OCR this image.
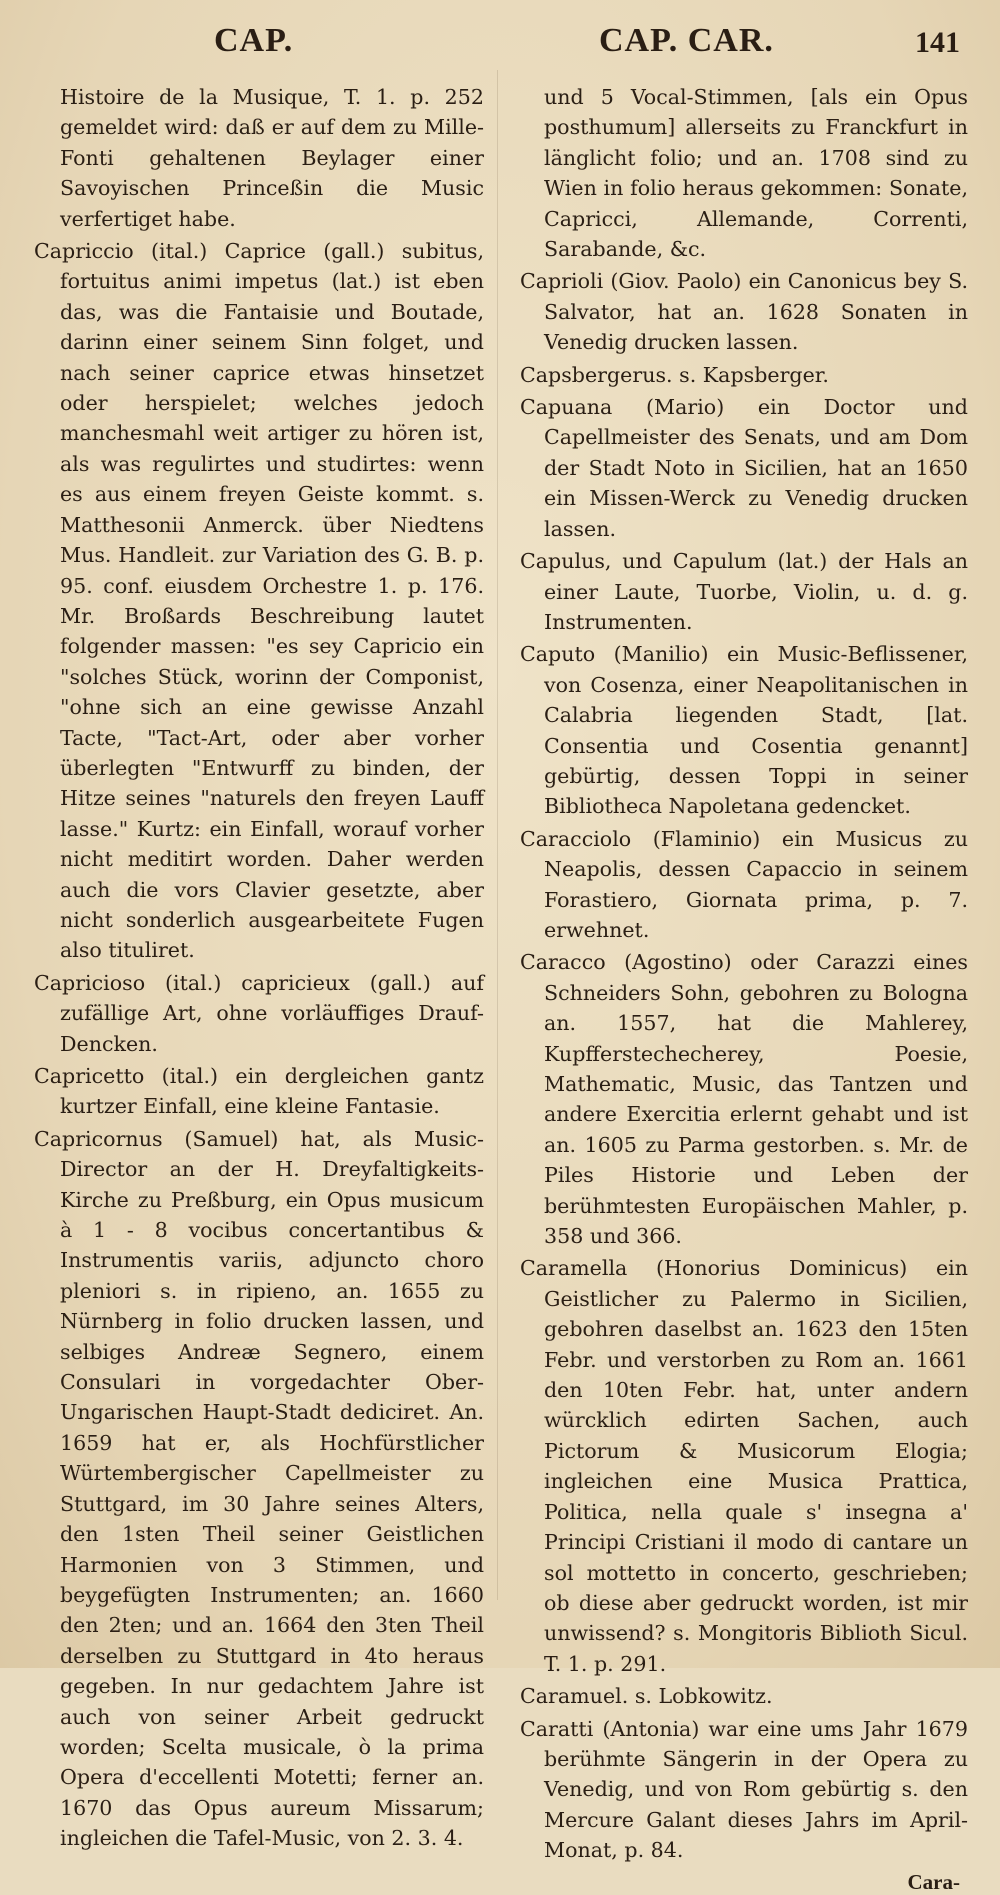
CAP.	CAP. CAR.	141

Histoire de la Musique, T. 1. p. 252 gemeldet wird: daß er auf dem zu Mille-Fonti gehaltenen Beylager einer Savoyischen Princeßin die Music verfertiget habe.

Capriccio (ital.) Caprice (gall.) subitus, fortuitus animi impetus (lat.) ist eben das, was die Fantaisie und Boutade, darinn einer seinem Sinn folget, und nach seiner caprice etwas hinsetzet oder herspielet; welches jedoch manchesmahl weit artiger zu hören ist, als was regulirtes und studirtes: wenn es aus einem freyen Geiste kommt. s. Matthesonii Anmerck. über Niedtens Mus. Handleit. zur Variation des G. B. p. 95. conf. eiusdem Orchestre 1. p. 176. Mr. Broßards Beschreibung lautet folgender massen: "es sey Capricio ein "solches Stück, worinn der Componist, "ohne sich an eine gewisse Anzahl Tacte, "Tact-Art, oder aber vorher überlegten "Entwurff zu binden, der Hitze seines "naturels den freyen Lauff lasse." Kurtz: ein Einfall, worauf vorher nicht meditirt worden. Daher werden auch die vors Clavier gesetzte, aber nicht sonderlich ausgearbeitete Fugen also tituliret.

Capricioso (ital.) capricieux (gall.) auf zufällige Art, ohne vorläuffiges Drauf-Dencken.

Capricetto (ital.) ein dergleichen gantz kurtzer Einfall, eine kleine Fantasie.

Capricornus (Samuel) hat, als Music-Director an der H. Dreyfaltigkeits-Kirche zu Preßburg, ein Opus musicum à 1 - 8 vocibus concertantibus & Instrumentis variis, adjuncto choro pleniori s. in ripieno, an. 1655 zu Nürnberg in folio drucken lassen, und selbiges Andreæ Segnero, einem Consulari in vorgedachter Ober-Ungarischen Haupt-Stadt dediciret. An. 1659 hat er, als Hochfürstlicher Würtembergischer Capellmeister zu Stuttgard, im 30 Jahre seines Alters, den 1sten Theil seiner Geistlichen Harmonien von 3 Stimmen, und beygefügten Instrumenten; an. 1660 den 2ten; und an. 1664 den 3ten Theil derselben zu Stuttgard in 4to heraus gegeben. In nur gedachtem Jahre ist auch von seiner Arbeit gedruckt worden; Scelta musicale, ò la prima Opera d'eccellenti Motetti; ferner an. 1670 das Opus aureum Missarum; ingleichen die Tafel-Music, von 2. 3. 4.

und 5 Vocal-Stimmen, [als ein Opus posthumum] allerseits zu Franckfurt in länglicht folio; und an. 1708 sind zu Wien in folio heraus gekommen: Sonate, Capricci, Allemande, Correnti, Sarabande, &c.

Caprioli (Giov. Paolo) ein Canonicus bey S. Salvator, hat an. 1628 Sonaten in Venedig drucken lassen.

Capsbergerus. s. Kapsberger.

Capuana (Mario) ein Doctor und Capellmeister des Senats, und am Dom der Stadt Noto in Sicilien, hat an 1650 ein Missen-Werck zu Venedig drucken lassen.

Capulus, und Capulum (lat.) der Hals an einer Laute, Tuorbe, Violin, u. d. g. Instrumenten.

Caputo (Manilio) ein Music-Beflissener, von Cosenza, einer Neapolitanischen in Calabria liegenden Stadt, [lat. Consentia und Cosentia genannt] gebürtig, dessen Toppi in seiner Bibliotheca Napoletana gedencket.

Caracciolo (Flaminio) ein Musicus zu Neapolis, dessen Capaccio in seinem Forastiero, Giornata prima, p. 7. erwehnet.

Caracco (Agostino) oder Carazzi eines Schneiders Sohn, gebohren zu Bologna an. 1557, hat die Mahlerey, Kupfferstechecherey, Poesie, Mathematic, Music, das Tantzen und andere Exercitia erlernt gehabt und ist an. 1605 zu Parma gestorben. s. Mr. de Piles Historie und Leben der berühmtesten Europäischen Mahler, p. 358 und 366.

Caramella (Honorius Dominicus) ein Geistlicher zu Palermo in Sicilien, gebohren daselbst an. 1623 den 15ten Febr. und verstorben zu Rom an. 1661 den 10ten Febr. hat, unter andern würcklich edirten Sachen, auch Pictorum & Musicorum Elogia; ingleichen eine Musica Prattica, Politica, nella quale s' insegna a' Principi Cristiani il modo di cantare un sol mottetto in concerto, geschrieben; ob diese aber gedruckt worden, ist mir unwissend? s. Mongitoris Biblioth Sicul. T. 1. p. 291.

Caramuel. s. Lobkowitz.

Caratti (Antonia) war eine ums Jahr 1679 berühmte Sängerin in der Opera zu Venedig, und von Rom gebürtig s. den Mercure Galant dieses Jahrs im April-Monat, p. 84.

Cara-
